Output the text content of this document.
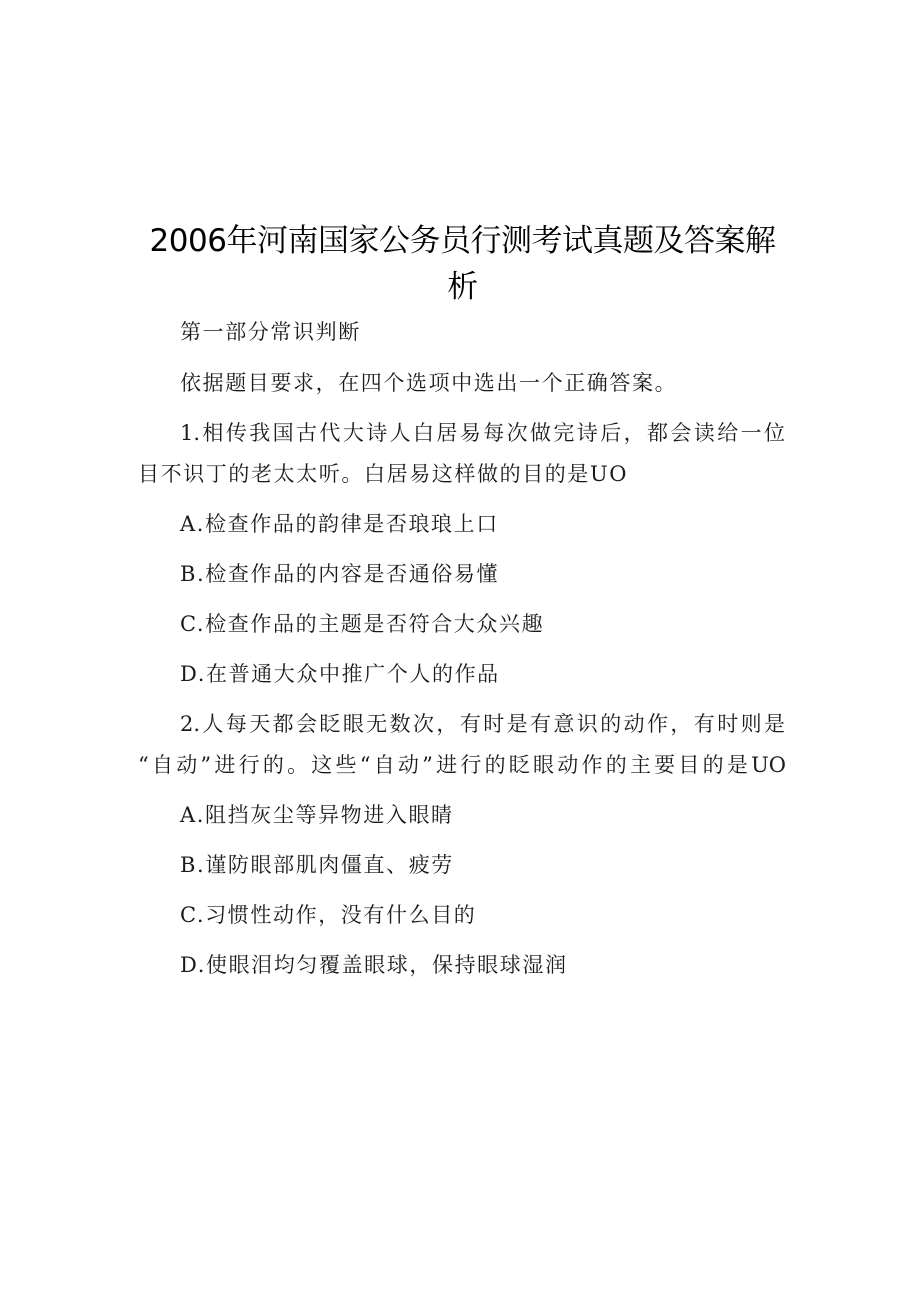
2006年河南国家公务员行测考试真题及答案解
析
第一部分常识判断
依据题目要求，在四个选项中选出一个正确答案。
1.相传我国古代大诗人白居易每次做完诗后，都会读给一位
目不识丁的老太太听。白居易这样做的目的是UO
A.检查作品的韵律是否琅琅上口
B.检查作品的内容是否通俗易懂
C.检查作品的主题是否符合大众兴趣
D.在普通大众中推广个人的作品
2.人每天都会眨眼无数次，有时是有意识的动作，有时则是
“自动”进行的。这些“自动”进行的眨眼动作的主要目的是UO
A.阻挡灰尘等异物进入眼睛
B.谨防眼部肌肉僵直、疲劳
C.习惯性动作，没有什么目的
D.使眼泪均匀覆盖眼球，保持眼球湿润
